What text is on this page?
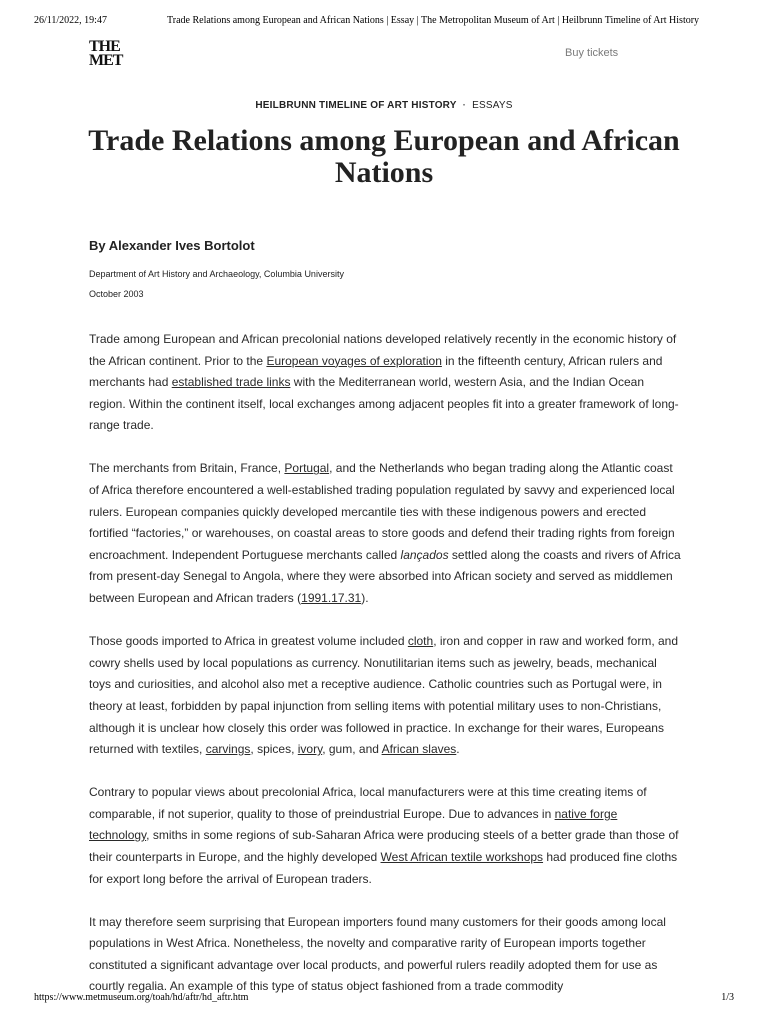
26/11/2022, 19:47	Trade Relations among European and African Nations | Essay | The Metropolitan Museum of Art | Heilbrunn Timeline of Art History
THE
MET	Buy tickets
HEILBRUNN TIMELINE OF ART HISTORY · ESSAYS
Trade Relations among European and African Nations
By Alexander Ives Bortolot
Department of Art History and Archaeology, Columbia University
October 2003

Trade among European and African precolonial nations developed relatively recently in the economic history of the African continent. Prior to the European voyages of exploration in the fifteenth century, African rulers and merchants had established trade links with the Mediterranean world, western Asia, and the Indian Ocean region. Within the continent itself, local exchanges among adjacent peoples fit into a greater framework of long-range trade.

The merchants from Britain, France, Portugal, and the Netherlands who began trading along the Atlantic coast of Africa therefore encountered a well-established trading population regulated by savvy and experienced local rulers. European companies quickly developed mercantile ties with these indigenous powers and erected fortified “factories,” or warehouses, on coastal areas to store goods and defend their trading rights from foreign encroachment. Independent Portuguese merchants called lançados settled along the coasts and rivers of Africa from present-day Senegal to Angola, where they were absorbed into African society and served as middlemen between European and African traders (1991.17.31).

Those goods imported to Africa in greatest volume included cloth, iron and copper in raw and worked form, and cowry shells used by local populations as currency. Nonutilitarian items such as jewelry, beads, mechanical toys and curiosities, and alcohol also met a receptive audience. Catholic countries such as Portugal were, in theory at least, forbidden by papal injunction from selling items with potential military uses to non-Christians, although it is unclear how closely this order was followed in practice. In exchange for their wares, Europeans returned with textiles, carvings, spices, ivory, gum, and African slaves.

Contrary to popular views about precolonial Africa, local manufacturers were at this time creating items of comparable, if not superior, quality to those of preindustrial Europe. Due to advances in native forge technology, smiths in some regions of sub-Saharan Africa were producing steels of a better grade than those of their counterparts in Europe, and the highly developed West African textile workshops had produced fine cloths for export long before the arrival of European traders.

It may therefore seem surprising that European importers found many customers for their goods among local populations in West Africa. Nonetheless, the novelty and comparative rarity of European imports together constituted a significant advantage over local products, and powerful rulers readily adopted them for use as courtly regalia. An example of this type of status object fashioned from a trade commodity

https://www.metmuseum.org/toah/hd/aftr/hd_aftr.htm	1/3
